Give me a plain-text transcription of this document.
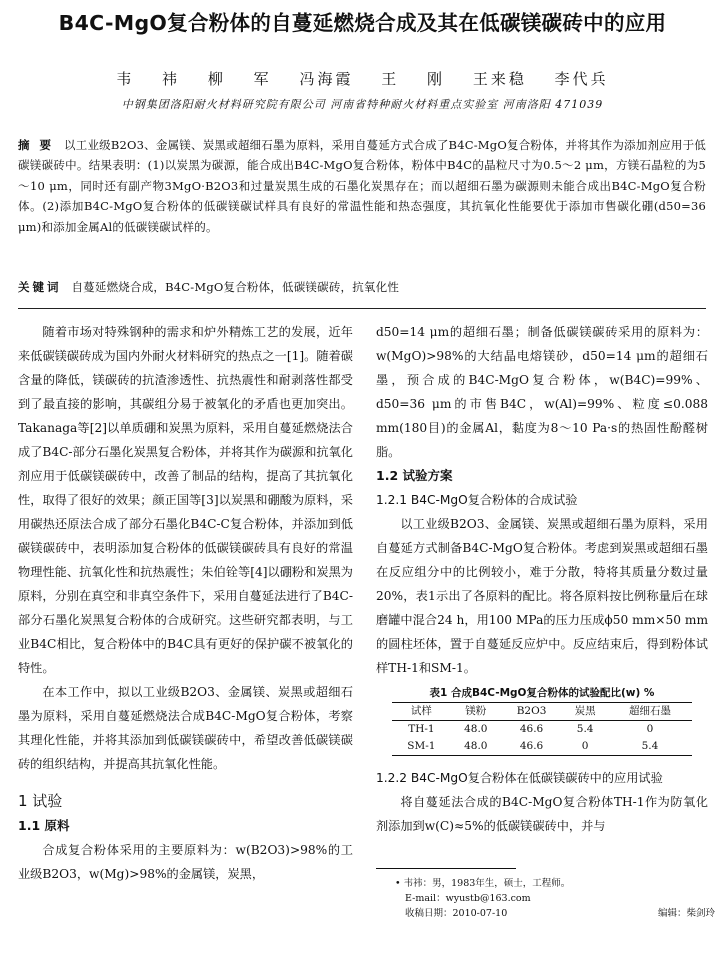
B4C-MgO复合粉体的自蔓延燃烧合成及其在低碳镁碳砖中的应用
韦 祎 柳 军 冯海霞 王 刚 王来稳 李代兵
中钢集团洛阳耐火材料研究院有限公司 河南省特种耐火材料重点实验室 河南洛阳 471039
摘 要 以工业级B2O3、金属镁、炭黑或超细石墨为原料，采用自蔓延方式合成了B4C-MgO复合粉体，并将其作为添加剂应用于低碳镁碳砖中。结果表明：(1)以炭黑为碳源，能合成出B4C-MgO复合粉体，粉体中B4C的晶粒尺寸为0.5～2 μm，方镁石晶粒的为5～10 μm，同时还有副产物3MgO·B2O3和过量炭黑生成的石墨化炭黑存在；而以超细石墨为碳源则未能合成出B4C-MgO复合粉体。(2)添加B4C-MgO复合粉体的低碳镁碳试样具有良好的常温性能和热态强度，其抗氧化性能要优于添加市售碳化硼(d50=36 μm)和添加金属Al的低碳镁碳试样的。
关键词 自蔓延燃烧合成，B4C-MgO复合粉体，低碳镁碳砖，抗氧化性

随着市场对特殊钢种的需求和炉外精炼工艺的发展，近年来低碳镁碳砖成为国内外耐火材料研究的热点之一[1]。随着碳含量的降低，镁碳砖的抗渣渗透性、抗热震性和耐剥落性都受到了最直接的影响，其碳组分易于被氧化的矛盾也更加突出。Takanaga等[2]以单质硼和炭黑为原料，采用自蔓延燃烧法合成了B4C-部分石墨化炭黑复合粉体，并将其作为碳源和抗氧化剂应用于低碳镁碳砖中，改善了制品的结构，提高了其抗氧化性，取得了很好的效果；颜正国等[3]以炭黑和硼酸为原料，采用碳热还原法合成了部分石墨化B4C-C复合粉体，并添加到低碳镁碳砖中，表明添加复合粉体的低碳镁碳砖具有良好的常温物理性能、抗氧化性和抗热震性；朱伯铨等[4]以硼粉和炭黑为原料，分别在真空和非真空条件下，采用自蔓延法进行了B4C-部分石墨化炭黑复合粉体的合成研究。这些研究都表明，与工业B4C相比，复合粉体中的B4C具有更好的保护碳不被氧化的特性。

在本工作中，拟以工业级B2O3、金属镁、炭黑或超细石墨为原料，采用自蔓延燃烧法合成B4C-MgO复合粉体，考察其理化性能，并将其添加到低碳镁碳砖中，希望改善低碳镁碳砖的组织结构，并提高其抗氧化性能。

1 试验
1.1 原料

合成复合粉体采用的主要原料为：w(B2O3)>98%的工业级B2O3，w(Mg)>98%的金属镁，炭黑，

d50=14 μm的超细石墨；制备低碳镁碳砖采用的原料为：w(MgO)>98%的大结晶电熔镁砂，d50=14 μm的超细石墨，预合成的B4C-MgO复合粉体，w(B4C)=99%、d50=36 μm的市售B4C，w(Al)=99%、粒度≤0.088 mm(180目)的金属Al，黏度为8～10 Pa·s的热固性酚醛树脂。

1.2 试验方案
1.2.1 B4C-MgO复合粉体的合成试验

以工业级B2O3、金属镁、炭黑或超细石墨为原料，采用自蔓延方式制备B4C-MgO复合粉体。考虑到炭黑或超细石墨在反应组分中的比例较小，难于分散，特将其质量分数过量20%，表1示出了各原料的配比。将各原料按比例称量后在球磨罐中混合24 h，用100 MPa的压力压成ϕ50 mm×50 mm的圆柱坯体，置于自蔓延反应炉中。反应结束后，得到粉体试样TH-1和SM-1。

表1 合成B4C-MgO复合粉体的试验配比(w) %
试样	镁粉	B2O3	炭黑	超细石墨
TH-1	48.0	46.6	5.4	0
SM-1	48.0	46.6	0	5.4
1.2.2 B4C-MgO复合粉体在低碳镁碳砖中的应用试验

将自蔓延法合成的B4C-MgO复合粉体TH-1作为防氧化剂添加到w(C)≈5%的低碳镁碳砖中，并与

• 韦祎：男，1983年生，硕士，工程师。
E-mail：wyustb@163.com
收稿日期：2010-07-10	编辑：柴剑玲
